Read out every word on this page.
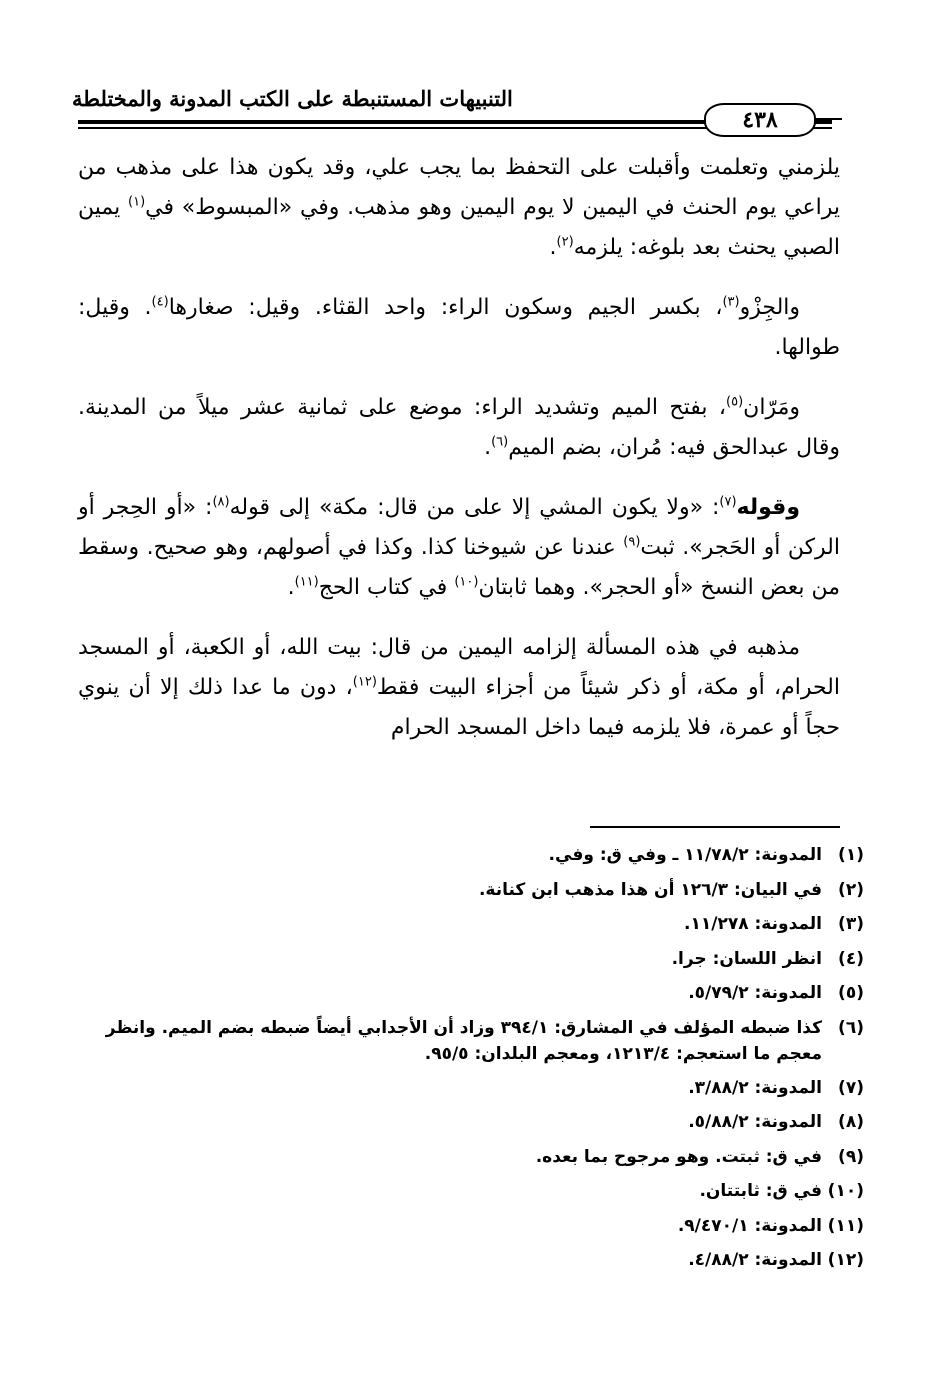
التنبيهات المستنبطة على الكتب المدونة والمختلطة
٤٣٨

يلزمني وتعلمت وأقبلت على التحفظ بما يجب علي، وقد يكون هذا على مذهب من يراعي يوم الحنث في اليمين لا يوم اليمين وهو مذهب. وفي «المبسوط» في$^{(١)}$ يمين الصبي يحنث بعد بلوغه: يلزمه$^{(٢)}$.

والجِزْو$^{(٣)}$، بكسر الجيم وسكون الراء: واحد القثاء. وقيل: صغارها$^{(٤)}$. وقيل: طوالها.

ومَرّان$^{(٥)}$، بفتح الميم وتشديد الراء: موضع على ثمانية عشر ميلاً من المدينة. وقال عبدالحق فيه: مُران، بضم الميم$^{(٦)}$.

وقوله$^{(٧)}$: «ولا يكون المشي إلا على من قال: مكة» إلى قوله$^{(٨)}$: «أو الحِجر أو الركن أو الحَجر». ثبت$^{(٩)}$ عندنا عن شيوخنا كذا. وكذا في أصولهم، وهو صحيح. وسقط من بعض النسخ «أو الحجر». وهما ثابتان$^{(١٠)}$ في كتاب الحج$^{(١١)}$.

مذهبه في هذه المسألة إلزامه اليمين من قال: بيت الله، أو الكعبة، أو المسجد الحرام، أو مكة، أو ذكر شيئاً من أجزاء البيت فقط$^{(١٢)}$، دون ما عدا ذلك إلا أن ينوي حجاً أو عمرة، فلا يلزمه فيما داخل المسجد الحرام

(١)
المدونة: ١١/٧٨/٢ ـ وفي ق: وفي.
(٢)
في البيان: ١٢٦/٣ أن هذا مذهب ابن كنانة.
(٣)
المدونة: ١١/٢٧٨.
(٤)
انظر اللسان: جرا.
(٥)
المدونة: ٥/٧٩/٢.
(٦)
كذا ضبطه المؤلف في المشارق: ٣٩٤/١ وزاد أن الأجدابي أيضاً ضبطه بضم الميم. وانظر معجم ما استعجم: ١٢١٣/٤، ومعجم البلدان: ٩٥/٥.
(٧)
المدونة: ٣/٨٨/٢.
(٨)
المدونة: ٥/٨٨/٢.
(٩)
في ق: ثبتت. وهو مرجوح بما بعده.
(١٠)
في ق: ثابتتان.
(١١)
المدونة: ٩/٤٧٠/١.
(١٢)
المدونة: ٤/٨٨/٢.
